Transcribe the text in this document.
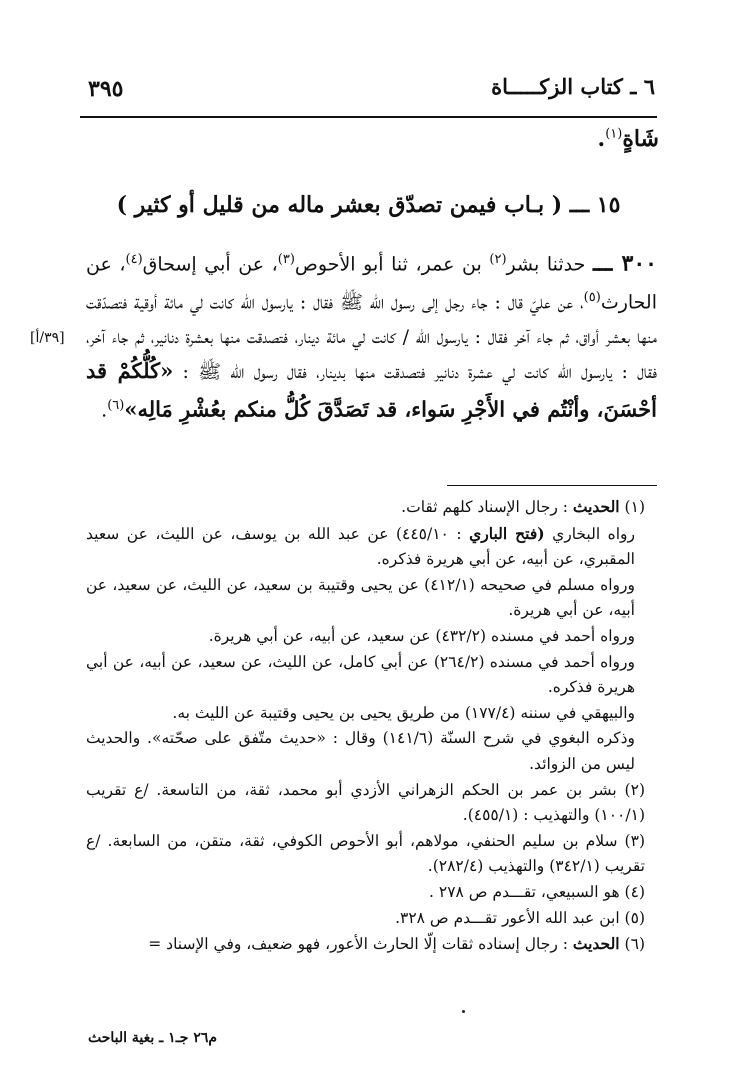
٣٩٥	٦ ـ كتاب الزكـــــاة
شَاةٍ$^{(١)}$.
١٥ ـــ ( بـاب فيمن تصدّق بعشر ماله من قليل أو كثير )

٣٠٠ ـــ حدثنا بشر$^{(٢)}$ بن عمر، ثنا أبو الأحوص$^{(٣)}$، عن أبي إسحاق$^{(٤)}$، عن الحارث$^{(٥)}$، عن عليّ قال : جاء رجل إلى رسول الله ﷺ فقال : يارسول الله كانت لي مائة أوقية فتصدّقت منها بعشر أواق، ثم جاء آخر فقال : يارسول الله / كانت لي مائة دينار، فتصدقت منها بعشرة دنانير، ثم جاء آخر، فقال : يارسول الله كانت لي عشرة دنانير فتصدقت منها بدينار، فقال رسول الله ﷺ : «كُلُّكُمْ قد أحْسَنَ، وأنْتُم في الأَجْرِ سَواء، قد تَصَدَّقَ كُلُّ منكم بعُشْرِ مَالِه»$^{(٦)}$.

[٣٩/أ]

(١) الحديث : رجال الإسناد كلهم ثقات.

رواه البخاري (فتح الباري : ٤٤٥/١٠) عن عبد الله بن يوسف، عن الليث، عن سعيد المقبري، عن أبيه، عن أبي هريرة فذكره.

ورواه مسلم في صحيحه (٤١٢/١) عن يحيى وقتيبة بن سعيد، عن الليث، عن سعيد، عن أبيه، عن أبي هريرة.

ورواه أحمد في مسنده (٤٣٢/٢) عن سعيد، عن أبيه، عن أبي هريرة.

ورواه أحمد في مسنده (٢٦٤/٢) عن أبي كامل، عن الليث، عن سعيد، عن أبيه، عن أبي هريرة فذكره.

والبيهقي في سننه (١٧٧/٤) من طريق يحيى بن يحيى وقتيبة عن الليث به.

وذكره البغوي في شرح السنّة (١٤١/٦) وقال : «حديث متّفق على صحّته». والحديث ليس من الزوائد.

(٢) بشر بن عمر بن الحكم الزهراني الأزدي أبو محمد، ثقة، من التاسعة. /ع تقريب (١٠٠/١) والتهذيب : (٤٥٥/١).

(٣) سلام بن سليم الحنفي، مولاهم، أبو الأحوص الكوفي، ثقة، متقن، من السابعة. /ع تقريب (٣٤٢/١) والتهذيب (٢٨٢/٤).

(٤) هو السبيعي، تقـــدم ص ٢٧٨ .

(٥) ابن عبد الله الأعور تقـــدم ص ٣٢٨.

(٦) الحديث : رجال إسناده ثقات إلّا الحارث الأعور، فهو ضعيف، وفي الإسناد =

م٢٦ جـ١ ـ بغية الباحث
